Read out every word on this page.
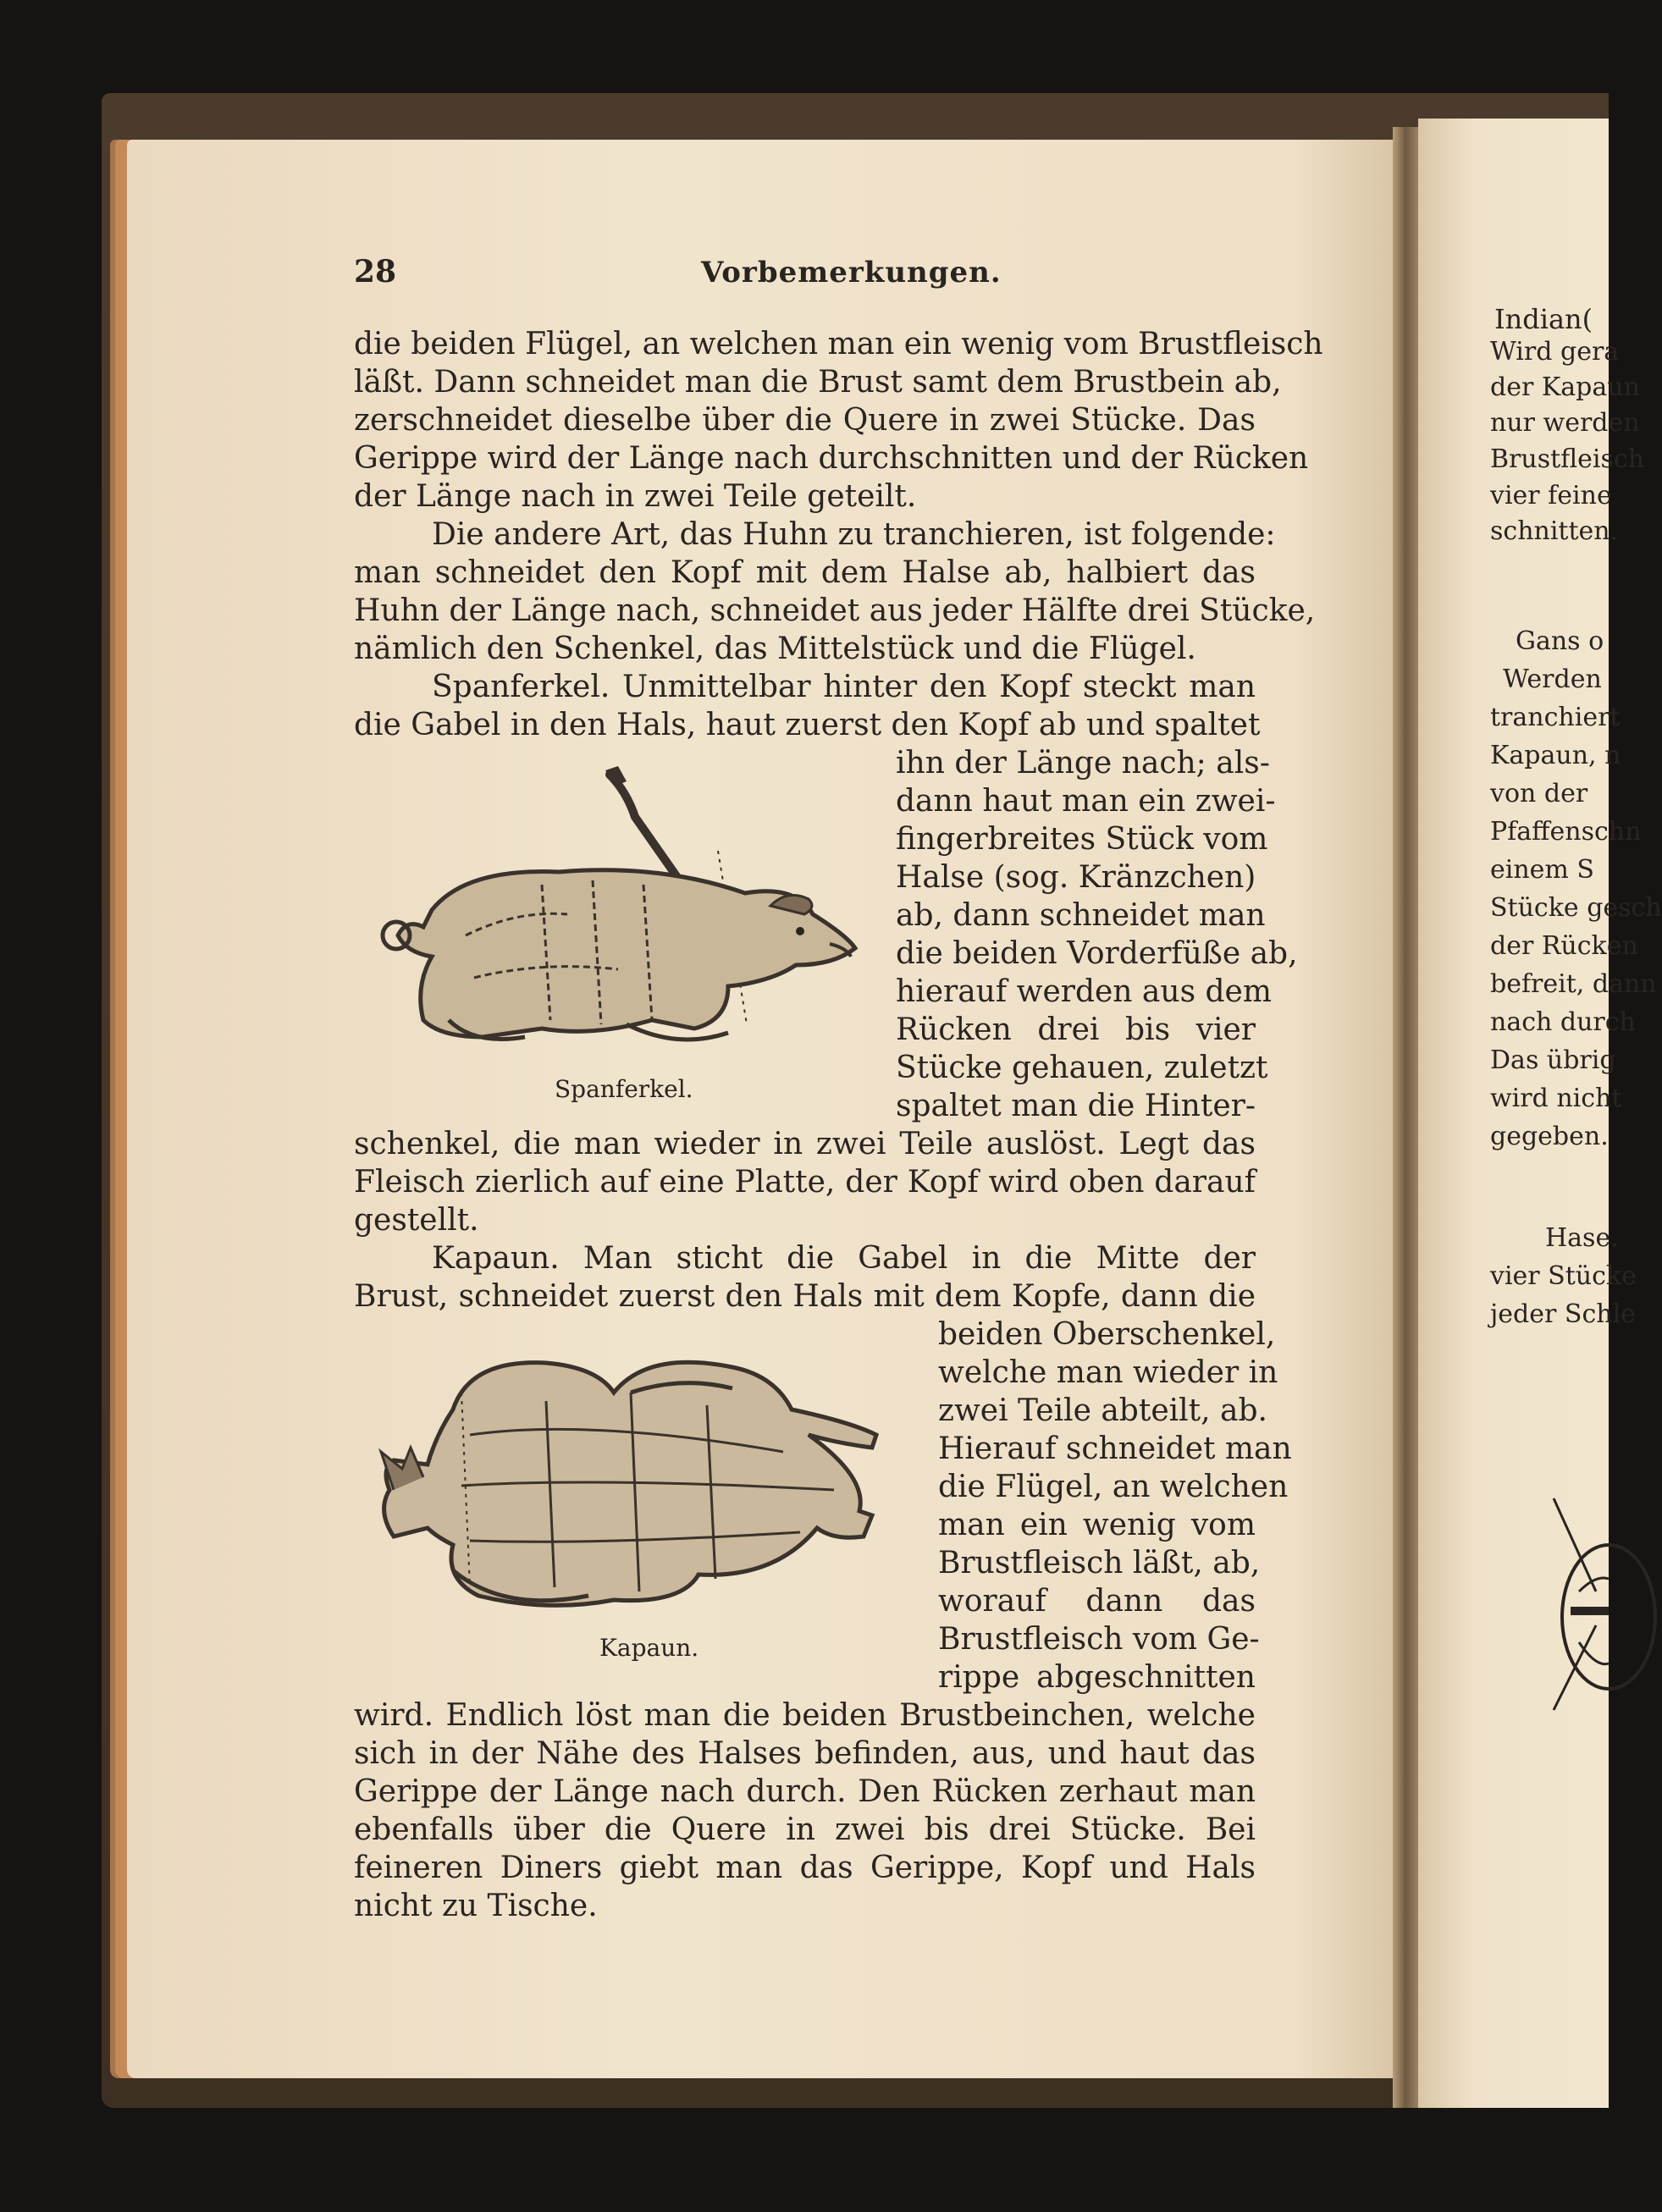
Indian(
Wird gera
der Kapaun
nur werden
Brustfleisch
vier feine
schnitten.
Gans o
Werden
tranchiert
Kapaun, n
von der
Pfaffenschn
einem S
Stücke gesch
der Rücken
befreit, dann
nach durch
Das übrig
wird nicht
gegeben.
Hase.
vier Stücke
jeder Schle
28	Vorbemerkungen.
die beiden Flügel, an welchen man ein wenig vom Brustfleisch
läßt. Dann schneidet man die Brust samt dem Brustbein ab,
zerschneidet dieselbe über die Quere in zwei Stücke. Das
Gerippe wird der Länge nach durchschnitten und der Rücken
der Länge nach in zwei Teile geteilt.
Die andere Art, das Huhn zu tranchieren, ist folgende:
man schneidet den Kopf mit dem Halse ab, halbiert das
Huhn der Länge nach, schneidet aus jeder Hälfte drei Stücke,
nämlich den Schenkel, das Mittelstück und die Flügel.
Spanferkel. Unmittelbar hinter den Kopf steckt man
die Gabel in den Hals, haut zuerst den Kopf ab und spaltet
ihn der Länge nach; als-
dann haut man ein zwei-
fingerbreites Stück vom
Halse (sog. Kränzchen)
ab, dann schneidet man
die beiden Vorderfüße ab,
hierauf werden aus dem
Rücken drei bis vier
Stücke gehauen, zuletzt
spaltet man die Hinter-
Spanferkel.
schenkel, die man wieder in zwei Teile auslöst. Legt das
Fleisch zierlich auf eine Platte, der Kopf wird oben darauf
gestellt.
Kapaun. Man sticht die Gabel in die Mitte der
Brust, schneidet zuerst den Hals mit dem Kopfe, dann die
beiden Oberschenkel,
welche man wieder in
zwei Teile abteilt, ab.
Hierauf schneidet man
die Flügel, an welchen
man ein wenig vom
Brustfleisch läßt, ab,
worauf dann das
Brustfleisch vom Ge-
rippe abgeschnitten
Kapaun.
wird. Endlich löst man die beiden Brustbeinchen, welche
sich in der Nähe des Halses befinden, aus, und haut das
Gerippe der Länge nach durch. Den Rücken zerhaut man
ebenfalls über die Quere in zwei bis drei Stücke. Bei
feineren Diners giebt man das Gerippe, Kopf und Hals
nicht zu Tische.
